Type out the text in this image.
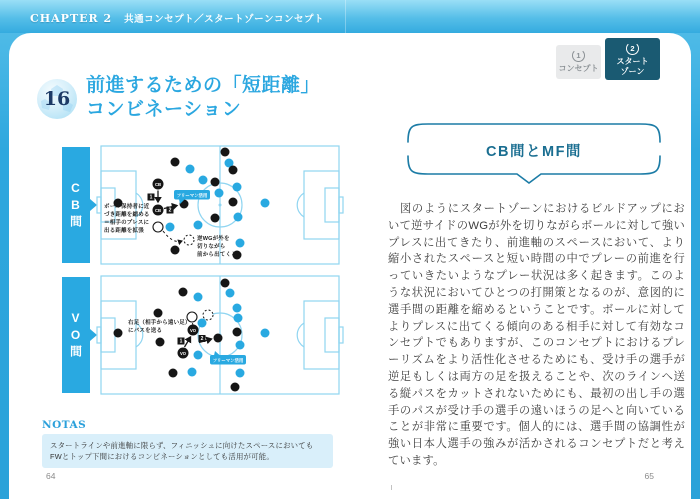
CHAPTER 2 共通コンセプト／スタートゾーンコンセプト
1
コンセプト
2
スタート
ゾーン
16
前進するための「短距離」
コンビネーション
CB間	CB
CB
1
2
フリーマン活用
ボール保持者に近
づき距離を縮める
＝相手のプレスに
出る距離を拡張
逆WGが外を
切りながら
前から出てくる
VO間	VO
VO
1	2
フリーマン活用
右足（相手から遠い足）
にパスを送る
NOTAS
スタートラインや前進軸に限らず、フィニッシュに向けたスペースにおいてもFWとトップ下間におけるコンビネーションとしても活用が可能。
CB間とMF間
　図のようにスタートゾーンにおけるビルドアップにおいて逆サイドのWGが外を切りながらボールに対して強いプレスに出てきたり、前進軸のスペースにおいて、より縮小されたスペースと短い時間の中でプレーの前進を行っていきたいようなプレー状況は多く起きます。このような状況においてひとつの打開策となるのが、意図的に選手間の距離を縮めるということです。ボールに対してよりプレスに出てくる傾向のある相手に対して有効なコンセプトでもありますが、このコンセプトにおけるプレーリズムをより活性化させるためにも、受け手の選手が逆足もしくは両方の足を扱えることや、次のラインへ送る縦パスをカットされないためにも、最初の出し手の選手のパスが受け手の選手の遠いほうの足へと向いていることが非常に重要です。個人的には、選手間の協調性が強い日本人選手の強みが活かされるコンセプトだと考えています。
64	65
